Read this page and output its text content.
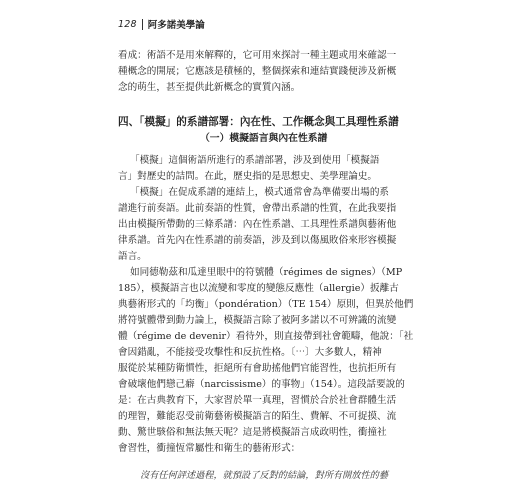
128 阿多諾美學論
看成：術語不是用來解釋的，它可用來探討一種主題或用來確認一
種概念的開展；它應該是積極的，整個探索和連結實踐便涉及新概
念的萌生，甚至提供此新概念的實質內涵。
四、「模擬」的系譜部署：內在性、工作概念與工具理性系譜
（一）模擬語言與內在性系譜
「模擬」這個術語所進行的系譜部署，涉及到使用「模擬語
言」對歷史的詰問。在此，歷史指的是思想史、美學理論史。
「模擬」在促成系譜的連結上，模式通常會為準備要出場的系
譜進行前奏語。此前奏語的性質，會帶出系譜的性質，在此我要指
出由模擬所帶動的三條系譜：內在性系譜、工具理性系譜與藝術他
律系譜。首先內在性系譜的前奏語，涉及到以傷風敗俗來形容模擬
語言。
如同德勒茲和瓜達里眼中的符號體（régimes de signes）（MP
185），模擬語言也以流變和零度的變態反應性（allergie）扳離古
典藝術形式的「均衡」（pondération）（TE 154）原則，但異於他們
將符號體帶到動力論上，模擬語言除了被阿多諾以不可辨識的流變
體（régime de devenir）看待外，則直接帶到社會範疇，他說：「社
會因錯亂，不能接受攻擊性和反抗性格。〔⋯〕大多數人，精神
服從於某種防衛慣性，拒絕所有會助搖他們官能習性，也抗拒所有
會破壞他們戀己癖（narcissisme）的事物」（154）。這段話要說的
是：在古典教育下，大家習於單一真理，習慣於合於社會群體生活
的理智，難能忍受前衛藝術模擬語言的陌生、費解、不可捉摸、流
動、驚世駭俗和無法無天呢？這是將模擬語言成政明性，衝撞社
會習性，衝撞恆常屬性和衛生的藝術形式：
沒有任何評述過程，就預設了反對的結論，對所有開放性的藝
